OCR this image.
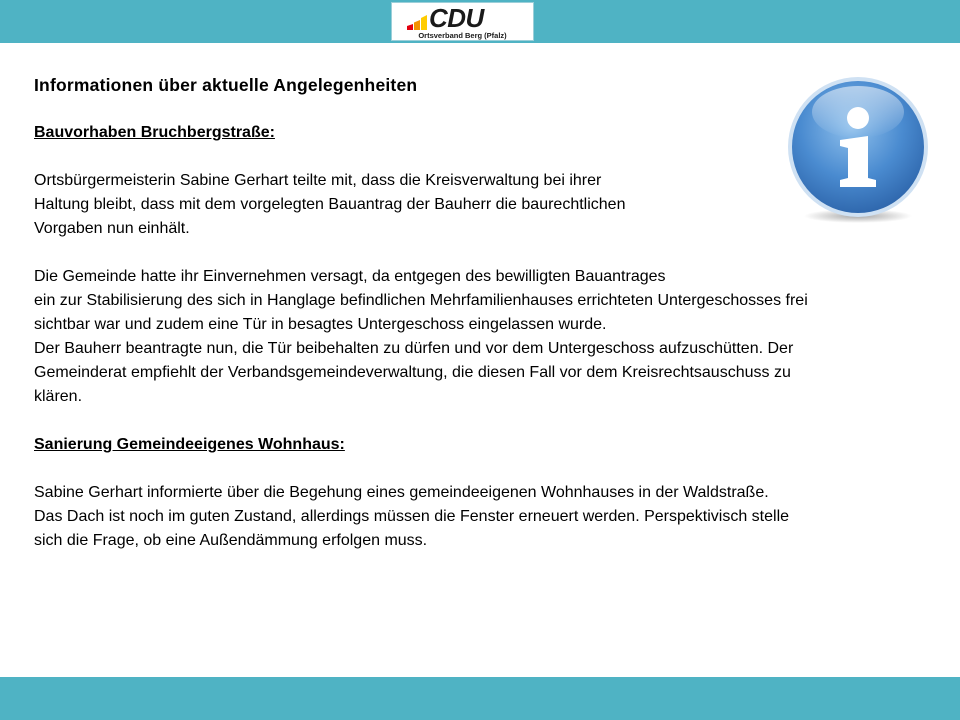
CDU
Ortsverband Berg (Pfalz)
Informationen über aktuelle Angelegenheiten

Bauvorhaben Bruchbergstraße:

Ortsbürgermeisterin Sabine Gerhart teilte mit, dass die Kreisverwaltung bei ihrer
Haltung bleibt, dass mit dem vorgelegten Bauantrag der Bauherr die baurechtlichen
Vorgaben nun einhält.

Die Gemeinde hatte ihr Einvernehmen versagt, da entgegen des bewilligten Bauantrages
ein zur Stabilisierung des sich in Hanglage befindlichen Mehrfamilienhauses errichteten Untergeschosses frei
sichtbar war und zudem eine Tür in besagtes Untergeschoss eingelassen wurde.
Der Bauherr beantragte nun, die Tür beibehalten zu dürfen und vor dem Untergeschoss aufzuschütten. Der
Gemeinderat empfiehlt der Verbandsgemeindeverwaltung, die diesen Fall vor dem Kreisrechtsauschuss zu
klären.

Sanierung Gemeindeeigenes Wohnhaus:

Sabine Gerhart informierte über die Begehung eines gemeindeeigenen Wohnhauses in der Waldstraße.
Das Dach ist noch im guten Zustand, allerdings müssen die Fenster erneuert werden. Perspektivisch stelle
sich die Frage, ob eine Außendämmung erfolgen muss.
